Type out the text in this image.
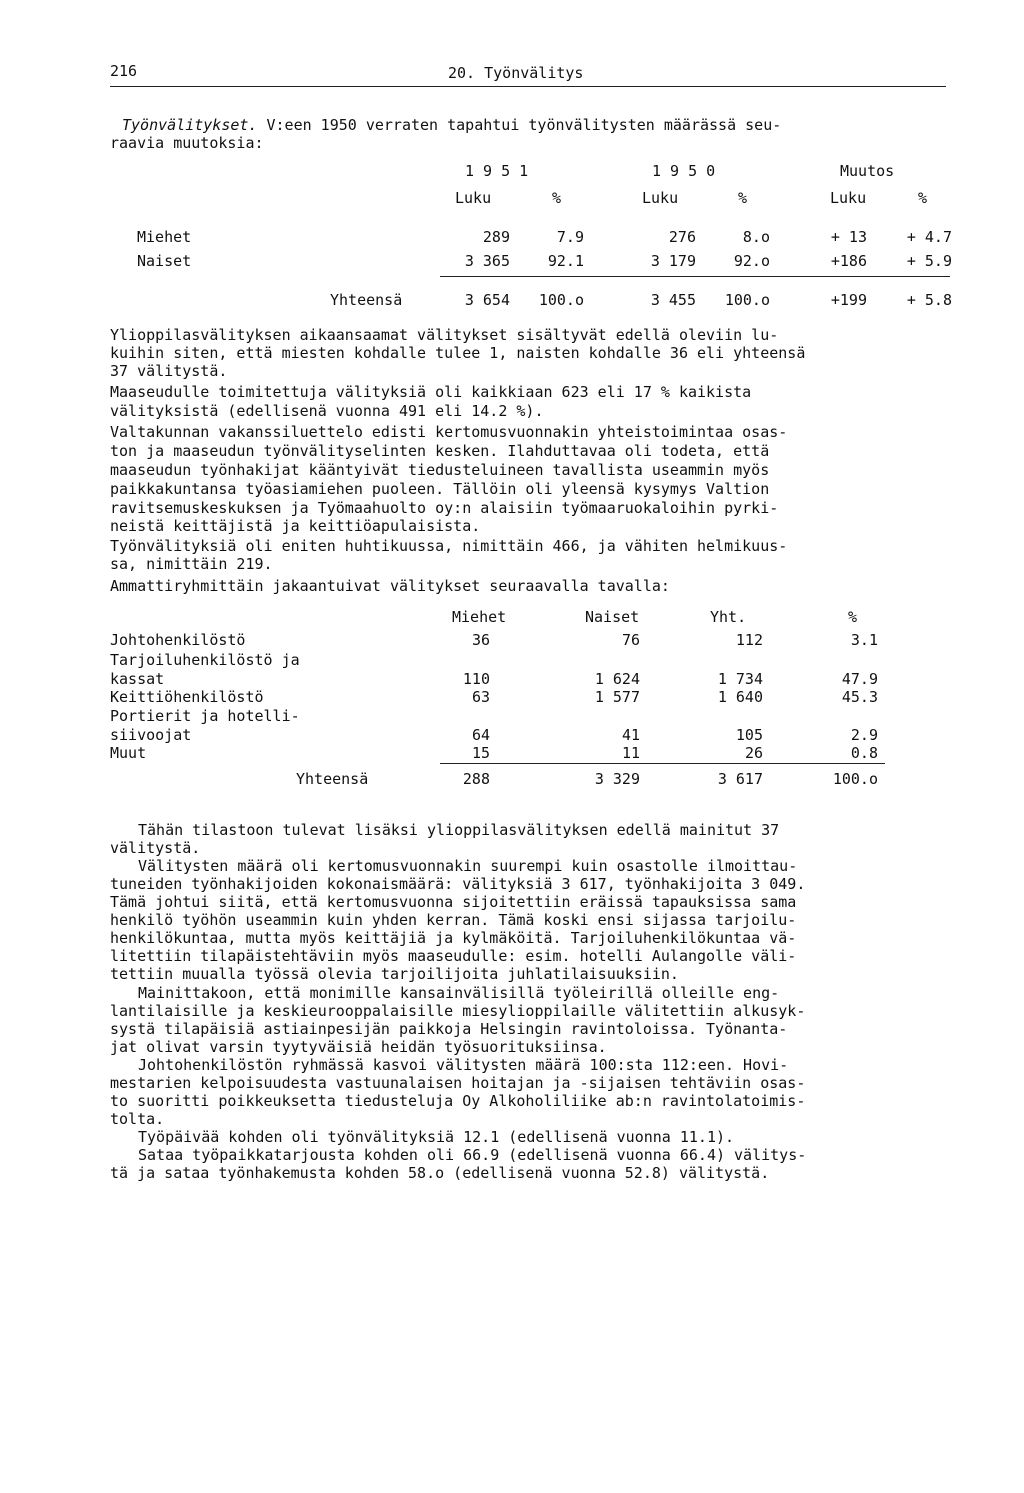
216	20. Työnvälitys
Työnvälitykset. V:een 1950 verraten tapahtui työnvälitysten määrässä seu-
raavia muutoksia:
1 9 5 1	1 9 5 0	Muutos
Luku	%	Luku	%	Luku	%
Miehet	289	7.9	276	8.o	+ 13	+ 4.7
Naiset	3 365	92.1	3 179	92.o	+186	+ 5.9
Yhteensä	3 654	100.o	3 455	100.o	+199	+ 5.8
Ylioppilasvälityksen aikaansaamat välitykset sisältyvät edellä oleviin lu-
kuihin siten, että miesten kohdalle tulee 1, naisten kohdalle 36 eli yhteensä
37 välitystä.
Maaseudulle toimitettuja välityksiä oli kaikkiaan 623 eli 17 % kaikista
välityksistä (edellisenä vuonna 491 eli 14.2 %).
Valtakunnan vakanssiluettelo edisti kertomusvuonnakin yhteistoimintaa osas-
ton ja maaseudun työnvälityselinten kesken. Ilahduttavaa oli todeta, että
maaseudun työnhakijat kääntyivät tiedusteluineen tavallista useammin myös
paikkakuntansa työasiamiehen puoleen. Tällöin oli yleensä kysymys Valtion
ravitsemuskeskuksen ja Työmaahuolto oy:n alaisiin työmaaruokaloihin pyrki-
neistä keittäjistä ja keittiöapulaisista.
Työnvälityksiä oli eniten huhtikuussa, nimittäin 466, ja vähiten helmikuus-
sa, nimittäin 219.
Ammattiryhmittäin jakaantuivat välitykset seuraavalla tavalla:
Miehet	Naiset	Yht.	%
Johtohenkilöstö	36	76	112	3.1
Tarjoiluhenkilöstö ja
kassat	110	1 624	1 734	47.9
Keittiöhenkilöstö	63	1 577	1 640	45.3
Portierit ja hotelli-
siivoojat	64	41	105	2.9
Muut	15	11	26	0.8
Yhteensä	288	3 329	3 617	100.o
Tähän tilastoon tulevat lisäksi ylioppilasvälityksen edellä mainitut 37
välitystä.
Välitysten määrä oli kertomusvuonnakin suurempi kuin osastolle ilmoittau-
tuneiden työnhakijoiden kokonaismäärä: välityksiä 3 617, työnhakijoita 3 049.
Tämä johtui siitä, että kertomusvuonna sijoitettiin eräissä tapauksissa sama
henkilö työhön useammin kuin yhden kerran. Tämä koski ensi sijassa tarjoilu-
henkilökuntaa, mutta myös keittäjiä ja kylmäköitä. Tarjoiluhenkilökuntaa vä-
litettiin tilapäistehtäviin myös maaseudulle: esim. hotelli Aulangolle väli-
tettiin muualla työssä olevia tarjoilijoita juhlatilaisuuksiin.
Mainittakoon, että monimille kansainvälisillä työleirillä olleille eng-
lantilaisille ja keskieurooppalaisille miesylioppilaille välitettiin alkusyk-
systä tilapäisiä astiainpesijän paikkoja Helsingin ravintoloissa. Työnanta-
jat olivat varsin tyytyväisiä heidän työsuorituksiinsa.
Johtohenkilöstön ryhmässä kasvoi välitysten määrä 100:sta 112:een. Hovi-
mestarien kelpoisuudesta vastuunalaisen hoitajan ja -sijaisen tehtäviin osas-
to suoritti poikkeuksetta tiedusteluja Oy Alkoholiliike ab:n ravintolatoimis-
tolta.
Työpäivää kohden oli työnvälityksiä 12.1 (edellisenä vuonna 11.1).
Sataa työpaikkatarjousta kohden oli 66.9 (edellisenä vuonna 66.4) välitys-
tä ja sataa työnhakemusta kohden 58.o (edellisenä vuonna 52.8) välitystä.
